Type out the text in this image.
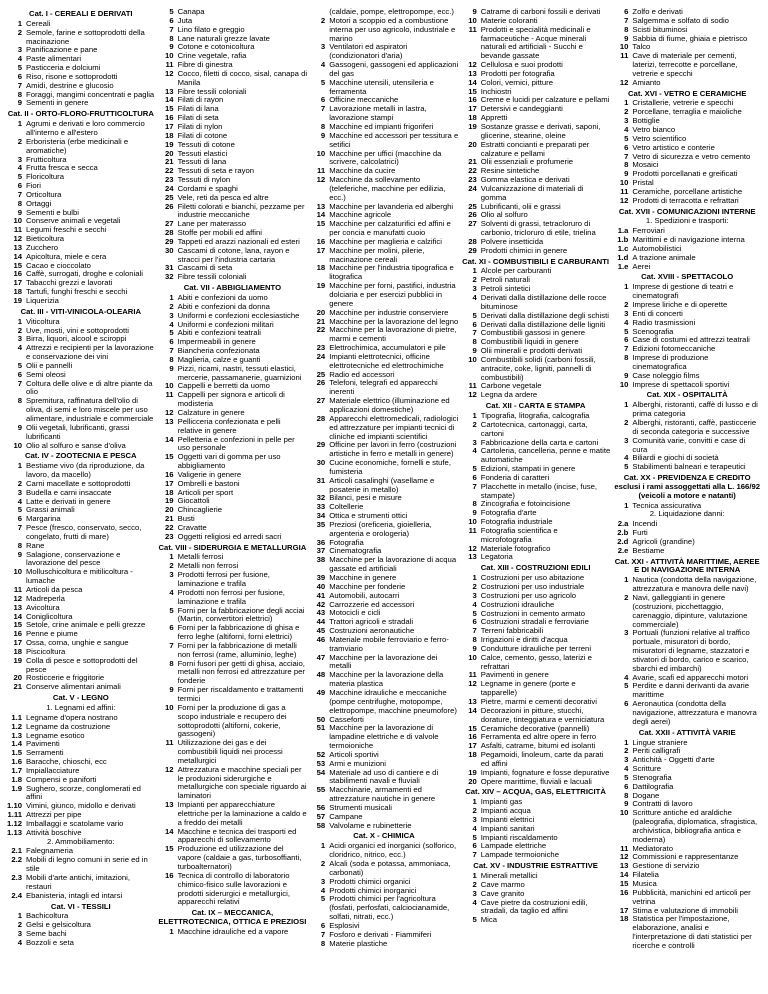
Cat. I - CEREALI E DERIVATI
1 Cereali
2 Semole, farine e sottoprodotti della macinazione
3 Panificazione e pane
4 Paste alimentari
5 Pasticceria e dolciumi
6 Riso, risone e sottoprodotti
7 Amidi, destrine e glucosio
8 Foraggi, mangimi concentrati e paglia
9 Sementi in genere
Cat. II - ORTO-FLORO-FRUTTICOLTURA
1 Agrumi e derivati e loro commercio all'interno e all'estero
2 Erboristeria (erbe medicinali e aromatiche)
3 Frutticoltura
4 Frutta fresca e secca
5 Floricoltura
6 Fiori
7 Orticoltura
8 Ortaggi
9 Sementi e bulbi
10 Conserve animali e vegetali
11 Legumi freschi e secchi
12 Bieticoltura
13 Zucchero
14 Apicoltura, miele e cera
15 Cacao e cioccolato
16 Caffè, surrogati, droghe e coloniali
17 Tabacchi grezzi e lavorati
18 Tartufi, funghi freschi e secchi
19 Liquerizia
Cat. III - VITI-VINICOLA-OLEARIA
1 Viticoltura
2 Uve, mosti, vini e sottoprodotti
3 Birra, liquori, alcool e sciroppi
4 Attrezzi e recipienti per la lavorazione e conservazione dei vini
5 Olii e pannelli
6 Semi oleosi
7 Coltura delle olive e di altre piante da olio
8 Spremitura, raffinatura dell'olio di oliva, di semi e loro miscele per uso alimentare, industriale e commerciale
9 Olii vegetali, lubrificanti, grassi lubrificanti
10 Olio al solfuro e sanse d'oliva
Cat. IV - ZOOTECNIA E PESCA
1 Bestiame vivo (da riproduzione, da lavoro, da macello)
2 Carni macellate e sottoprodotti
3 Budella e carni insaccate
4 Latte e derivati in genere
5 Grassi animali
6 Margarina
7 Pesce (fresco, conservato, secco, congelato, frutti di mare)
8 Rane
9 Salagione, conservazione e lavorazione del pesce
10 Molluschicoltura e mitilicoltura - lumache
11 Articoli da pesca
12 Madreperla
13 Avicoltura
14 Coniglicoltura
15 Setole, crine animale e pelli grezze
16 Penne e piume
17 Ossa, corna, unghie e sangue
18 Piscicoltura
19 Colla di pesce e sottoprodotti del pesce
20 Rosticcerie e friggitorie
21 Conserve alimentari animali
Cat. V - LEGNO
1. Legnami ed affini:
1.1 Legname d'opera nostrano
1.2 Legname da costruzione
1.3 Legname esotico
1.4 Pavimenti
1.5 Serramenti
1.6 Baracche, chioschi, ecc
1.7 Impiallacciature
1.8 Compensi e paniforti
1.9 Sughero, scorze, conglomerati ed affini
1.10 Vimini, giunco, midollo e derivati
1.11 Attrezzi per pipe
1.12 Imballaggi e scatolame vario
1.13 Attività boschive
2. Ammobiliamento:
2.1 Falegnameria
2.2 Mobili di legno comuni in serie ed in stile
2.3 Mobili d'arte antichi, imitazioni, restauri
2.4 Ebanisteria, intagli ed intarsi
Cat. VI - TESSILI
1 Bachicoltura
2 Gelsi e gelsicoltura
3 Seme bachi
4 Bozzoli e seta
5 Canapa
6 Juta
7 Lino filato e greggio
8 Lane naturali grezze lavate
9 Cotone e cotonicoltura
10 Crine vegetale, rafia
11 Fibre di ginestra
12 Cocco, filetti di cocco, sisal, canapa di Manila
13 Fibre tessili coloniali
14 Filati di rayon
15 Filati di lana
16 Filati di seta
17 Filati di nylon
18 Filati di cotone
19 Tessuti di cotone
20 Tessuti elastici
21 Tessuti di lana
22 Tessuti di seta e rayon
23 Tessuti di nylon
24 Cordami e spaghi
25 Vele, reti da pesca ed altre
26 Filetti colorati e bianchi, pezzame per industrie meccaniche
27 Lane per materasso
28 Stoffe per mobili ed affini
29 Tappeti ed arazzi nazionali ed esteri
30 Cascami di cotone, lana, rayon e stracci per l'industria cartaria
31 Cascami di seta
32 Fibre tessili coloniali
Cat. VII - ABBIGLIAMENTO
1 Abiti e confezioni da uomo
2 Abiti e confezioni da donna
3 Uniformi e confezioni ecclesiastiche
4 Uniformi e confezioni militari
5 Abiti e confezioni teatrali
6 Impermeabili in genere
7 Biancheria confezionata
8 Maglieria, calze e guanti
9 Pizzi, ricami, nastri, tessuti elastici, mercerie, passamanerie, guarnizioni
10 Cappelli e berretti da uomo
11 Cappelli per signora e articoli di modisteria
12 Calzature in genere
13 Pellicceria confezionata e pelli relative in genere
14 Pelletteria e confezioni in pelle per uso personale
15 Oggetti vari di gomma per uso abbigliamento
16 Valigerie in genere
17 Ombrelli e bastoni
18 Articoli per sport
19 Giocattoli
20 Chincaglierie
21 Busti
22 Cravatte
23 Oggetti religiosi ed arredi sacri
Cat. VIII - SIDERURGIA E METALLURGIA
1 Metalli ferrosi
2 Metalli non ferrosi
3 Prodotti ferrosi per fusione, laminazione e trafila
4 Prodotti non ferrosi per fusione, laminazione e trafila
5 Forni per la fabbricazione degli acciai (Martin, convertitori elettrici)
6 Forni per la fabbricazione di ghisa e ferro leghe (altiforni, forni elettrici)
7 Forni per la fabbricazione di metalli non ferrosi (rame, alluminio, leghe)
8 Forni fusori per getti di ghisa, acciaio, metalli non ferrosi ed attrezzature per fonderie
9 Forni per riscaldamento e trattamenti termici
10 Forni per la produzione di gas a scopo industriale e recupero dei sottoprodotti (altiforni, cokerie, gassogeni)
11 Utilizzazione dei gas e dei combustibili liquidi nei processi metallurgici
12 Attrezzatura e macchine speciali per le produzioni siderurgiche e metallurgiche con speciale riguardo ai laminatori
13 Impianti per apparecchiature elettriche per la laminazione a caldo e a freddo dei metalli
14 Macchine e tecnica dei trasporti ed apparecchi di sollevamento
15 Produzione ed utilizzazione del vapore (caldaie a gas, turbosoffianti, turboalternatori)
16 Tecnica di controllo di laboratorio chimico-fisico sulle lavorazioni e prodotti siderurgici e metallurgici, apparecchi relativi
Cat. IX – MECCANICA, ELETTROTECNICA, OTTICA E PREZIOSI
1 Macchine idrauliche ed a vapore
(caldaie, pompe, elettropompe, ecc.)
2 Motori a scoppio ed a combustione interna per uso agricolo, industriale e marino
3 Ventilatori ed aspiratori (condizionatori d'aria)
4 Gassogeni, gassogeni ed applicazioni del gas
5 Macchine utensili, utensileria e ferramenta
6 Officine meccaniche
7 Lavorazione metalli in lastra, lavorazione stampi
8 Macchine ed impianti frigoriferi
9 Macchine ed accessori per tessitura e setifici
10 Macchine per uffici (macchine da scrivere, calcolatrici)
11 Macchine da cucire
12 Macchine da sollevamento (teleferiche, macchine per edilizia, ecc.)
13 Macchine per lavanderia ed alberghi
14 Macchine agricole
15 Macchine per calzaturifici ed affini e per concia e manufatti cuoio
16 Macchine per maglieria e calzifici
17 Macchine per molini, pilerie, macinazione cereali
18 Macchine per l'industria tipografica e litografica
19 Macchine per forni, pastifici, industria dolciaria e per esercizi pubblici in genere
20 Macchine per industrie conserviere
21 Macchine per la lavorazione del legno
22 Macchine per la lavorazione di pietre, marmi e cementi
23 Elettrochimica, accumulatori e pile
24 Impianti elettrotecnici, officine elettrotecniche ed elettrochimiche
25 Radio ed accessori
26 Telefoni, telegrafi ed apparecchi inerenti
27 Materiale elettrico (illuminazione ed applicazioni domestiche)
28 Apparecchi elettromedicali, radiologici ed attrezzature per impianti tecnici di cliniche ed impianti scientifici
29 Officine per lavori in ferro (costruzioni artistiche in ferro e metalli in genere)
30 Cucine economiche, fornelli e stufe, fumisteria
31 Articoli casalinghi (vasellame e posaterie in metallo)
32 Bilanci, pesi e misure
33 Coltellerie
34 Ottica e strumenti ottici
35 Preziosi (oreficeria, gioielleria, argenteria e orologeria)
36 Fotografia
37 Cinematografia
38 Macchine per la lavorazione di acqua gassate ed artificiali
39 Macchine in genere
40 Macchine per fonderie
41 Automobili, autocarri
42 Carrozzerie ed accessori
43 Motocicli e cicli
44 Trattori agricoli e stradali
45 Costruzioni aeronautiche
46 Materiale mobile ferroviario e ferro-tramviario
47 Macchine per la lavorazione dei metalli
48 Macchine per la lavorazione della materia plastica
49 Macchine idrauliche e meccaniche (pompe centrifughe, motopompe, elettropompe, macchine pneumofore)
50 Casseforti
51 Macchine per la lavorazione di lampadine elettriche e di valvole termoioniche
52 Articoli sportivi
53 Armi e munizioni
54 Materiale ad uso di cantiere e di stabilimenti navali e fluviali
55 Macchinarie, armamenti ed attrezzature nautiche in genere
56 Strumenti musicali
57 Campane
58 Valvolame e rubinetterie
Cat. X - CHIMICA
1 Acidi organici ed inorganici (solforico, cloridrico, nitrico, ecc.)
2 Alcali (soda e potassa, ammoniaca, carbonati)
3 Prodotti chimici organici
4 Prodotti chimici inorganici
5 Prodotti chimici per l'agricoltura (fosfati, perfosfati, calciocianamide, solfati, nitrati, ecc.)
6 Esplosivi
7 Fosforo e derivati - Fiammiferi
8 Materie plastiche
9 Catrame di carboni fossili e derivati
10 Materie coloranti
11 Prodotti e specialità medicinali e farmaceutiche - Acque minerali naturali ed artificiali - Succhi e bevande gassate
12 Cellulosa e suoi prodotti
13 Prodotti per fotografia
14 Colori, vernici, pitture
15 Inchiostri
16 Creme e lucidi per calzature e pellami
17 Detersivi e candeggianti
18 Appretti
19 Sostanze grasse e derivati, saponi, glicerine, stearine, oleine
20 Estratti concianti e preparati per calzature e pellami
21 Olii essenziali e profumerie
22 Resine sintetiche
23 Gomma elastica e derivati
24 Vulcanizzazione di materiali di gomma
25 Lubrificanti, olii e grassi
26 Olio al solfuro
27 Solventi di grassi, tetracloruro di carbonio, tricloruro di etile, trielina
28 Polvere insetticida
29 Prodotti chimici in genere
Cat. XI - COMBUSTIBILI E CARBURANTI
1 Alcole per carburanti
2 Petroli naturali
3 Petroli sintetici
4 Derivati dalla distillazione delle rocce bituminose
5 Derivati dalla distillazione degli schisti
6 Derivati dalla distillazione delle ligniti
7 Combustibili gassosi in genere
8 Combustibili liquidi in genere
9 Olii minerali e prodotti derivati
10 Combustibili solidi (carboni fossili, antracite, coke, ligniti, pannelli di combustibili)
11 Carbone vegetale
12 Legna da ardere
Cat. XII - CARTA E STAMPA
1 Tipografia, litografia, calcografia
2 Cartotecnica, cartonaggi, carta, cartoni
3 Fabbricazione della carta e cartoni
4 Cartoleria, cancelleria, penne e matite automatiche
5 Edizioni, stampati in genere
6 Fonderia di caratteri
7 Placchette in metallo (incise, fuse, stampate)
8 Zincografia e fotoincisione
9 Fotografia d'arte
10 Fotografia industriale
11 Fotografia scientifica e microfotografia
12 Materiale fotografico
13 Legatoria
Cat. XIII - COSTRUZIONI EDILI
1 Costruzioni per uso abitazione
2 Costruzioni per uso industriale
3 Costruzioni per uso agricolo
4 Costruzioni idrauliche
5 Costruzioni in cemento armato
6 Costruzioni stradali e ferroviarie
7 Terreni fabbricabili
8 Irrigazioni e diritti d'acqua
9 Condutture idrauliche per terreni
10 Calce, cemento, gesso, laterizi e refrattari
11 Pavimenti in genere
12 Legname in genere (porte e tapparelle)
13 Pietre, marmi e cementi decorativi
14 Decorazioni in pitture, stucchi, dorature, tinteggiatura e verniciatura
15 Ceramiche decorative (pannelli)
16 Ferramenta ed altre opere in ferro
17 Asfalti, catrame, bitumi ed isolanti
18 Pegamoidi, linoleum, carte da parati ed affini
19 Impianti, fognature e fosse depurative
20 Opere marittime, fluviali e lacuali
Cat. XIV – ACQUA, GAS, ELETTRICITÀ
1 Impianti gas
2 Impianti acqua
3 Impianti elettrici
4 Impianti sanitari
5 Impianti riscaldamento
6 Lampade elettriche
7 Lampade termoioniche
Cat. XV - INDUSTRIE ESTRATTIVE
1 Minerali metallici
2 Cave marmo
3 Cave granito
4 Cave pietre da costruzioni edili, stradali, da taglio ed affini
5 Mica
6 Zolfo e derivati
7 Salgemma e solfato di sodio
8 Scisti bituminosi
9 Sabbia di fiume, ghiaia e pietrisco
10 Talco
11 Cave di materiale per cementi, laterizi, terrecotte e porcellane, vetrerie e specchi
12 Amianto
Cat. XVI - VETRO E CERAMICHE
1 Cristallerie, vetrerie e specchi
2 Porcellane, terraglia e maioliche
3 Bottiglie
4 Vetro bianco
5 Vetro scientifico
6 Vetro artistico e conterie
7 Vetro di sicurezza e vetro cemento
8 Mosaici
9 Prodotti porcellanati e greificati
10 Pristal
11 Ceramiche, porcellane artistiche
12 Prodotti di terracotta e refrattari
Cat. XVII - COMUNICAZIONI INTERNE
1. Spedizioni e trasporti:
1.a Ferroviari
1.b Marittimi e di navigazione interna
1.c Automobilistici
1.d A trazione animale
1.e Aerei
Cat. XVIII - SPETTACOLO
1 Imprese di gestione di teatri e cinematografi
2 Imprese liriche e di operette
3 Enti di concerti
4 Radio trasmissioni
5 Scenografia
6 Case di costumi ed attrezzi teatrali
7 Edizioni fotomeccaniche
8 Imprese di produzione cinematografica
9 Case noleggio films
10 Imprese di spettacoli sportivi
Cat. XIX - OSPITALITÀ
1 Alberghi, ristoranti, caffè di lusso e di prima categoria
2 Alberghi, ristoranti, caffè, pasticcerie di seconda categoria e successive
3 Comunità varie, convitti e case di cura
4 Biliardi e giochi di società
5 Stabilimenti balneari e terapeutici
Cat. XX - PREVIDENZA E CREDITO esclusi i rami assoggettati alla L. 166/92 (veicoli a motore e natanti)
1 Tecnica assicurativa
2. Liquidazione danni:
2.a Incendi
2.b Furti
2.d Agricoli (grandine)
2.e Bestiame
Cat. XXI - ATTIVITÀ MARITTIME, AEREE E DI NAVIGAZIONE INTERNA
1 Nautica (condotta della navigazione, attrezzatura e manovra delle navi)
2 Navi, galleggianti in genere (costruzioni, picchettaggio, carenaggio, dipinture, valutazione commerciale)
3 Portuali (funzioni relative al traffico portuale, misuratori di bordo, misuratori di legname, stazzatori e stivatori di bordo, carico e scarico, sbarchi ed imbarchi)
4 Avarie, scafi ed apparecchi motori
5 Perdite e danni derivanti da avarie marittime
6 Aeronautica (condotta della navigazione, attrezzatura e manovra degli aerei)
Cat. XXII - ATTIVITÀ VARIE
1 Lingue straniere
2 Periti calligrafi
3 Antichità - Oggetti d'arte
4 Scritture
5 Stenografia
6 Dattilografia
8 Dogane
9 Contratti di lavoro
10 Scritture antiche ed araldiche (paleografia, diplomatica, sfragistica, archivistica, bibliografia antica e moderna)
11 Mediatorato
12 Commissioni e rappresentanze
13 Gestione di servizio
14 Filatelia
15 Musica
16 Pubblicità, manichini ed articoli per vetrina
17 Stima e valutazione di immobili
18 Statistica per l'impostazione, elaborazione, analisi e l'interpretazione di dati statistici per ricerche e controlli
